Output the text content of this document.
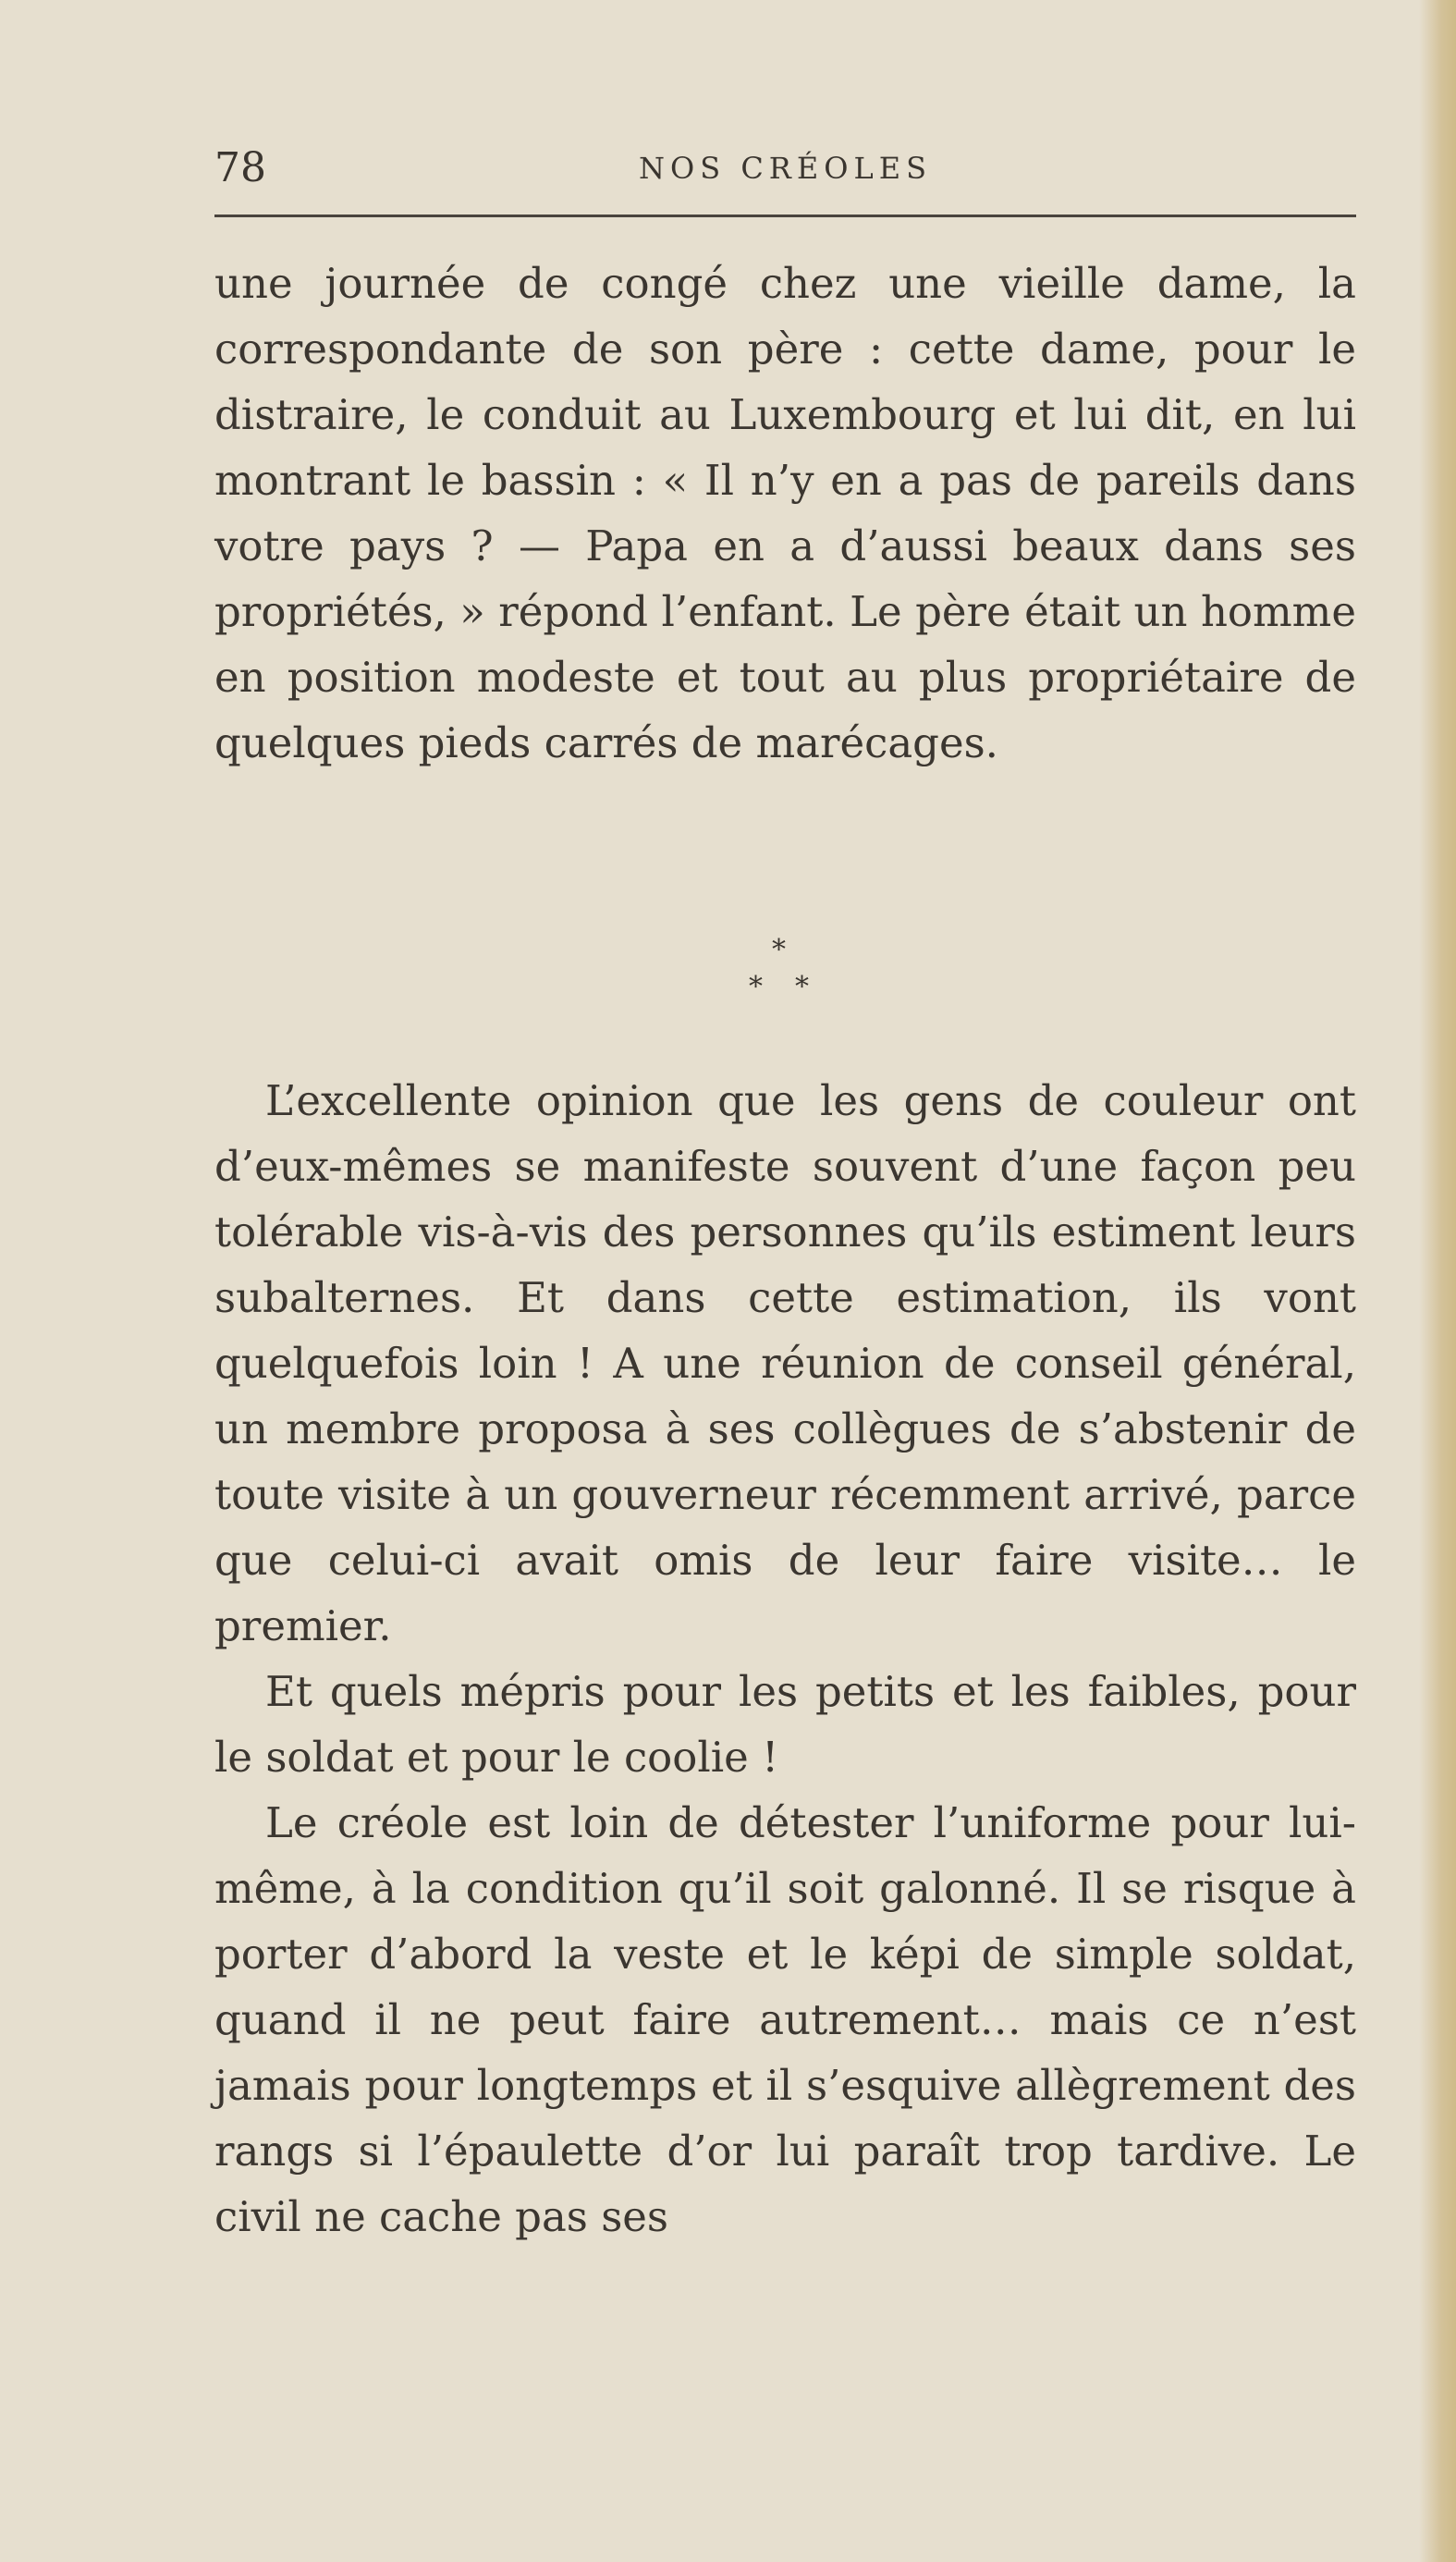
78	NOS CRÉOLES

une journée de congé chez une vieille dame, la correspondante de son père : cette dame, pour le distraire, le conduit au Luxembourg et lui dit, en lui montrant le bassin : « Il n’y en a pas de pareils dans votre pays ? — Papa en a d’aussi beaux dans ses propriétés, » répond l’enfant. Le père était un homme en position modeste et tout au plus propriétaire de quelques pieds carrés de marécages.

*
* *

L’excellente opinion que les gens de couleur ont d’eux-mêmes se manifeste souvent d’une façon peu tolérable vis-à-vis des personnes qu’ils estiment leurs subalternes. Et dans cette estimation, ils vont quelquefois loin ! A une réunion de conseil général, un membre proposa à ses collègues de s’abstenir de toute visite à un gouverneur récemment arrivé, parce que celui-ci avait omis de leur faire visite… le premier.

Et quels mépris pour les petits et les faibles, pour le soldat et pour le coolie !

Le créole est loin de détester l’uniforme pour lui-même, à la condition qu’il soit galonné. Il se risque à porter d’abord la veste et le képi de simple soldat, quand il ne peut faire autrement… mais ce n’est jamais pour longtemps et il s’esquive allègrement des rangs si l’épaulette d’or lui paraît trop tardive. Le civil ne cache pas ses
